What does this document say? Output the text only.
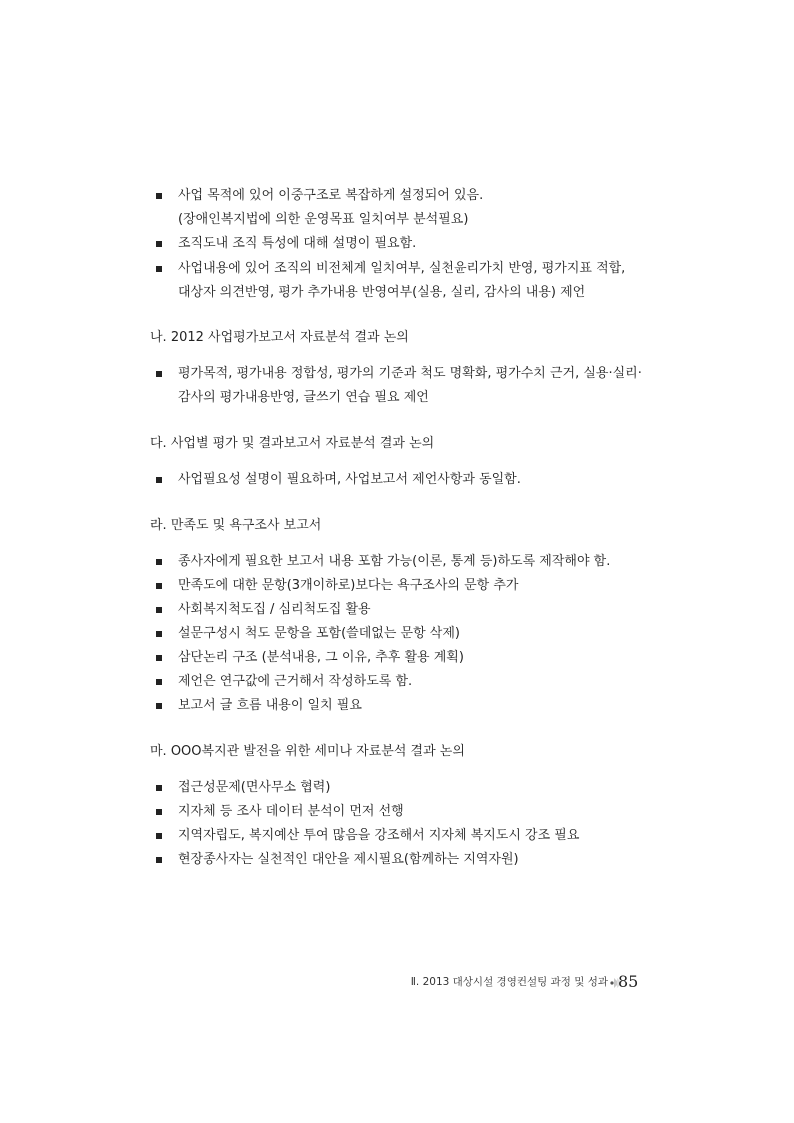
사업 목적에 있어 이중구조로 복잡하게 설정되어 있음.
(장애인복지법에 의한 운영목표 일치여부 분석필요)
조직도내 조직 특성에 대해 설명이 필요함.
사업내용에 있어 조직의 비전체계 일치여부, 실천윤리가치 반영, 평가지표 적합,
대상자 의견반영, 평가 추가내용 반영여부(실용, 실리, 감사의 내용) 제언
나. 2012 사업평가보고서 자료분석 결과 논의
평가목적, 평가내용 정합성, 평가의 기준과 척도 명확화, 평가수치 근거, 실용·실리·
감사의 평가내용반영, 글쓰기 연습 필요 제언
다. 사업별 평가 및 결과보고서 자료분석 결과 논의
사업필요성 설명이 필요하며, 사업보고서 제언사항과 동일함.
라. 만족도 및 욕구조사 보고서
종사자에게 필요한 보고서 내용 포함 가능(이론, 통계 등)하도록 제작해야 함.
만족도에 대한 문항(3개이하로)보다는 욕구조사의 문항 추가
사회복지척도집 / 심리척도집 활용
설문구성시 척도 문항을 포함(쓸데없는 문항 삭제)
삼단논리 구조 (분석내용, 그 이유, 추후 활용 계획)
제언은 연구값에 근거해서 작성하도록 함.
보고서 글 흐름 내용이 일치 필요
마. OOO복지관 발전을 위한 세미나 자료분석 결과 논의
접근성문제(면사무소 협력)
지자체 등 조사 데이터 분석이 먼저 선행
지역자립도, 복지예산 투여 많음을 강조해서 지자체 복지도시 강조 필요
현장종사자는 실천적인 대안을 제시필요(함께하는 지역자원)
Ⅱ. 2013 대상시설 경영컨설팅 과정 및 성과 85
